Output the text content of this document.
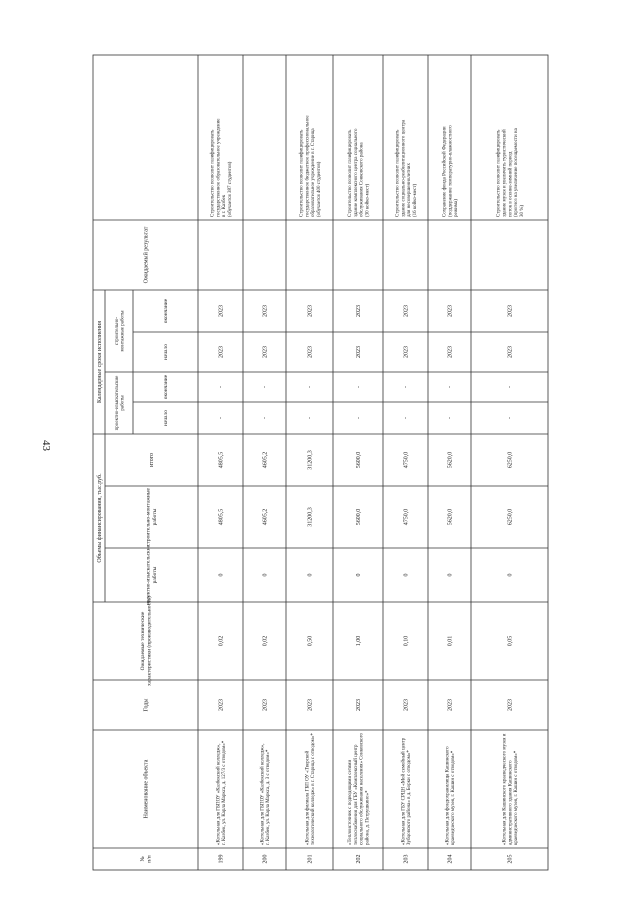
43
№п/п
Наименование объекта
Годы
Ожидаемые техническиехарактеристики (производительность)
Объемы финансирования, тыс.руб.
проектно-изыскательскиеработы
строительно-монтажныеработы
итого
Календарные сроки исполнения
проектно-изыскательскиеработы
строительно-монтажные работы
начало
окончание
начало
окончание
Ожидаемый результат
199
«Котельная для ГБПОУ «Казбекский колледж»,г. Казбек, ул. Карла Маркса, д. 127/3 с отводом»*
2023
0,02
0
4805,5
4805,5
-
-
2023
2023
Строительство позволит газифицироватьгосударственное образовательное учреждениев г. Казбек(обучается 387 студентов)
200
«Котельная для ГБПОУ «Казбекский колледж»,г. Казбек, ул. Карла Маркса, д. 3 с отводом»*
2023
0,02
0
4605,2
4605,2
-
-
2023
2023
201
«Котельная для филиала ГБП ОУ «Тверскойтехнологический колледж» в г. Старица с отводом»*
2023
0,50
0
31200,3
31200,3
-
-
2023
2023
Строительство позволит газифицироватьгосударственное бюджетное профессиональноеобразовательное учреждение в г. Старица(обучается 400 студентов)
202
«Теплоисточник с подводящими сетямитеплоснабжения для ГБУ «Комплексный центрсоциального обслуживания населения» Сонковскогорайона, д. Петрушкино»*
2023
1,00
0
5600,0
5600,0
-
-
2023
2023
Строительство позволит газифицироватьздание комплексного центра социальногообслуживания Сонковского района(30 койко-мест)
203
«Котельная для ГБУ СРЦН «Мой семейный центрЗубцовского района» в д. Борки с отводом»*
2023
0,10
0
4750,0
4750,0
-
-
2023
2023
Строительство позволит газифицироватьздание социально-реабилитационного центрадля несовершеннолетних(16 койко-мест)
204
«Котельная для фондохранилища Кашинскогокраеведческого музея, г. Кашин с отводом»*
2023
0,01
0
5620,0
5620,0
-
-
2023
2023
Сохранение фонда Российской Федерации(поддержание температурно-влажностногорежима)
205
«Котельная для Кашинского краеведческого музея иадминистративного здания Кашинскогокраеведческого музея, г. Кашин с отводом»*
2023
0,05
0
6250,0
6250,0
-
-
2023
2023
Строительство позволит газифицироватьздание музея и увеличить туристическийпоток в осенне-зимний период(прогноз на увеличение посещаемости на30 %)
